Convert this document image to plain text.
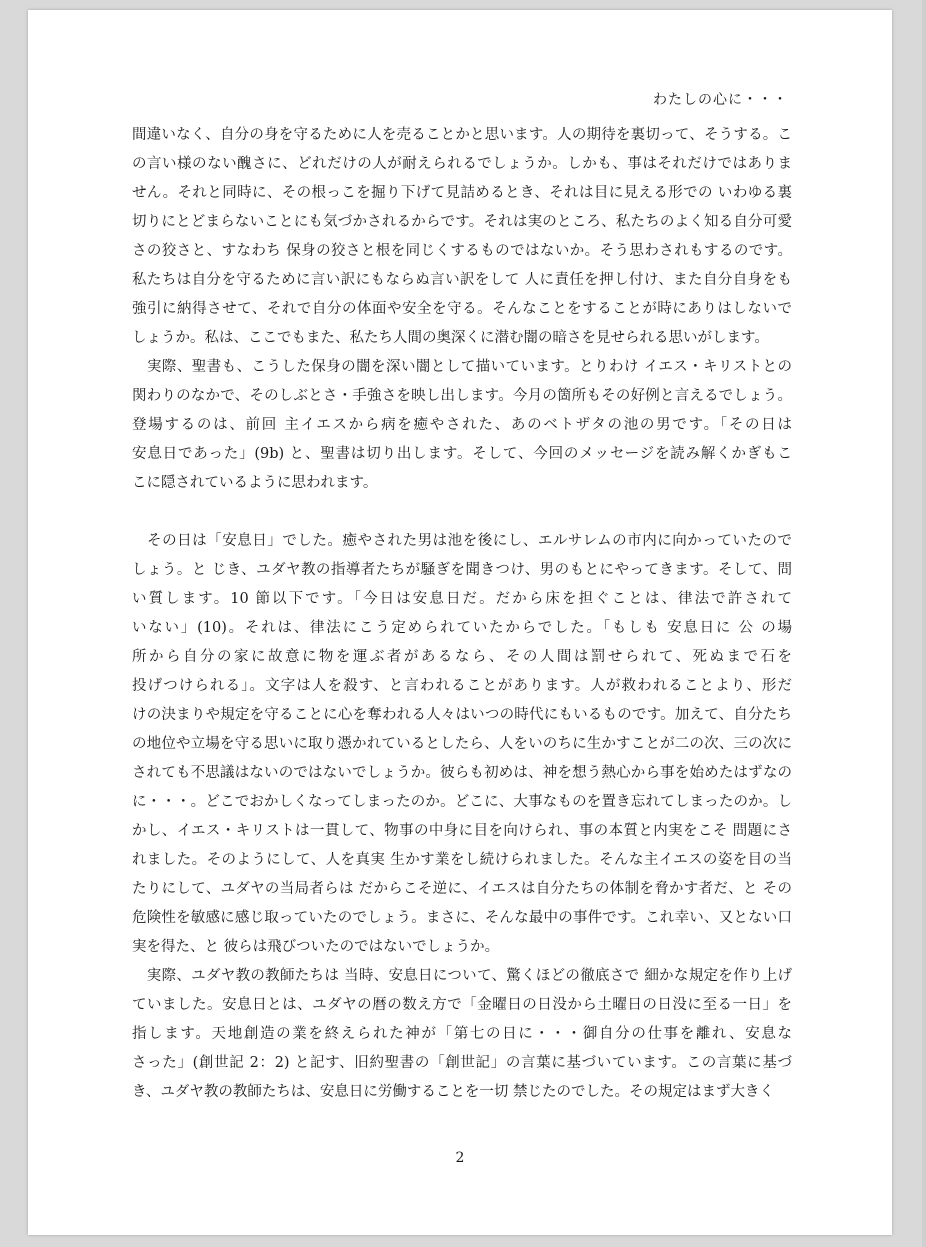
わたしの心に・・・
間違いなく、自分の身を守るために人を売ることかと思います。人の期待を裏切って、そうする。こ
の言い様のない醜さに、どれだけの人が耐えられるでしょうか。しかも、事はそれだけではありま
せん。それと同時に、その根っこを掘り下げて見詰めるとき、それは目に見える形での いわゆる裏
切りにとどまらないことにも気づかされるからです。それは実のところ、私たちのよく知る自分可愛
さの狡さと、すなわち 保身の狡さと根を同じくするものではないか。そう思わされもするのです。
私たちは自分を守るために言い訳にもならぬ言い訳をして 人に責任を押し付け、また自分自身をも
強引に納得させて、それで自分の体面や安全を守る。そんなことをすることが時にありはしないで
しょうか。私は、ここでもまた、私たち人間の奥深くに潜む闇の暗さを見せられる思いがします。
　実際、聖書も、こうした保身の闇を深い闇として描いています。とりわけ イエス・キリストとの
関わりのなかで、そのしぶとさ・手強さを映し出します。今月の箇所もその好例と言えるでしょう。
登場するのは、前回 主イエスから病を癒やされた、あのベトザタの池の男です。「その日は
安息日であった」(9b) と、聖書は切り出します。そして、今回のメッセージを読み解くかぎもこ
こに隠されているように思われます。
　その日は「安息日」でした。癒やされた男は池を後にし、エルサレムの市内に向かっていたので
しょう。と じき、ユダヤ教の指導者たちが騒ぎを聞きつけ、男のもとにやってきます。そして、問
い質します。10 節以下です。「今日は安息日だ。だから床を担ぐことは、律法で許されて
いない」(10)。それは、律法にこう定められていたからでした。「もしも 安息日に 公 の場
所から自分の家に故意に物を運ぶ者があるなら、その人間は罰せられて、死ぬまで石を
投げつけられる」。文字は人を殺す、と言われることがあります。人が救われることより、形だ
けの決まりや規定を守ることに心を奪われる人々はいつの時代にもいるものです。加えて、自分たち
の地位や立場を守る思いに取り憑かれているとしたら、人をいのちに生かすことが二の次、三の次に
されても不思議はないのではないでしょうか。彼らも初めは、神を想う熱心から事を始めたはずなの
に・・・。どこでおかしくなってしまったのか。どこに、大事なものを置き忘れてしまったのか。し
かし、イエス・キリストは一貫して、物事の中身に目を向けられ、事の本質と内実をこそ 問題にさ
れました。そのようにして、人を真実 生かす業をし続けられました。そんな主イエスの姿を目の当
たりにして、ユダヤの当局者らは だからこそ逆に、イエスは自分たちの体制を脅かす者だ、と その
危険性を敏感に感じ取っていたのでしょう。まさに、そんな最中の事件です。これ幸い、又とない口
実を得た、と 彼らは飛びついたのではないでしょうか。
　実際、ユダヤ教の教師たちは 当時、安息日について、驚くほどの徹底さで 細かな規定を作り上げ
ていました。安息日とは、ユダヤの暦の数え方で「金曜日の日没から土曜日の日没に至る一日」を
指します。天地創造の業を終えられた神が「第七の日に・・・御自分の仕事を離れ、安息な
さった」(創世記 2：2) と記す、旧約聖書の「創世記」の言葉に基づいています。この言葉に基づ
き、ユダヤ教の教師たちは、安息日に労働することを一切 禁じたのでした。その規定はまず大きく
2
